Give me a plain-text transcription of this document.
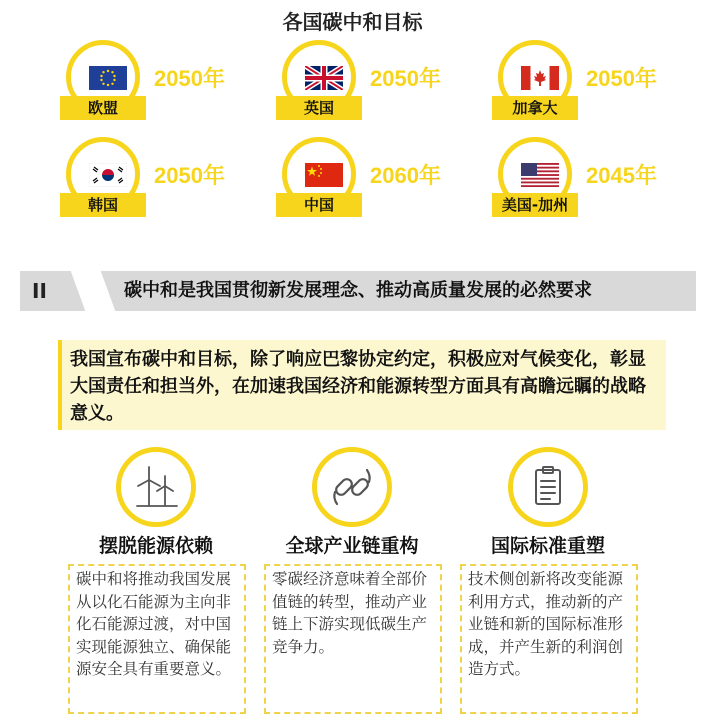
各国碳中和目标
欧盟
2050年
英国
2050年
加拿大
2050年
韩国
2050年
中国
2060年
美国-加州
2045年
II	碳中和是我国贯彻新发展理念、推动高质量发展的必然要求
我国宣布碳中和目标，除了响应巴黎协定约定，积极应对气候变化，彰显大国责任和担当外，在加速我国经济和能源转型方面具有高瞻远瞩的战略意义。
摆脱能源依赖
碳中和将推动我国发展从以化石能源为主向非化石能源过渡，对中国实现能源独立、确保能源安全具有重要意义。
全球产业链重构
零碳经济意味着全部价值链的转型，推动产业链上下游实现低碳生产竞争力。
国际标准重塑
技术侧创新将改变能源利用方式，推动新的产业链和新的国际标准形成，并产生新的利润创造方式。
